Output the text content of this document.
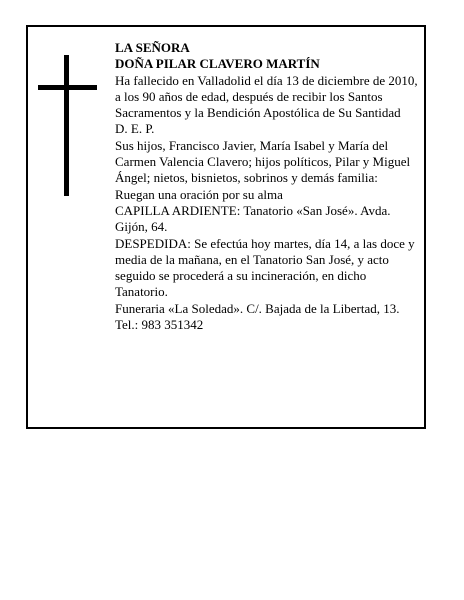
LA SEÑORA

DOÑA PILAR CLAVERO MARTÍN

Ha fallecido en Valladolid el día 13 de diciembre de 2010, a los 90 años de edad, después de recibir los Santos Sacramentos y la Bendición Apostólica de Su Santidad

D. E. P.

Sus hijos, Francisco Javier, María Isabel y María del Carmen Valencia Clavero; hijos políticos, Pilar y Miguel Ángel; nietos, bisnietos, sobrinos y demás familia:

Ruegan una oración por su alma

CAPILLA ARDIENTE: Tanatorio «San José». Avda. Gijón, 64.

DESPEDIDA: Se efectúa hoy martes, día 14, a las doce y media de la mañana, en el Tanatorio San José, y acto seguido se procederá a su incineración, en dicho Tanatorio.

Funeraria «La Soledad». C/. Bajada de la Libertad, 13.

Tel.: 983 351342
